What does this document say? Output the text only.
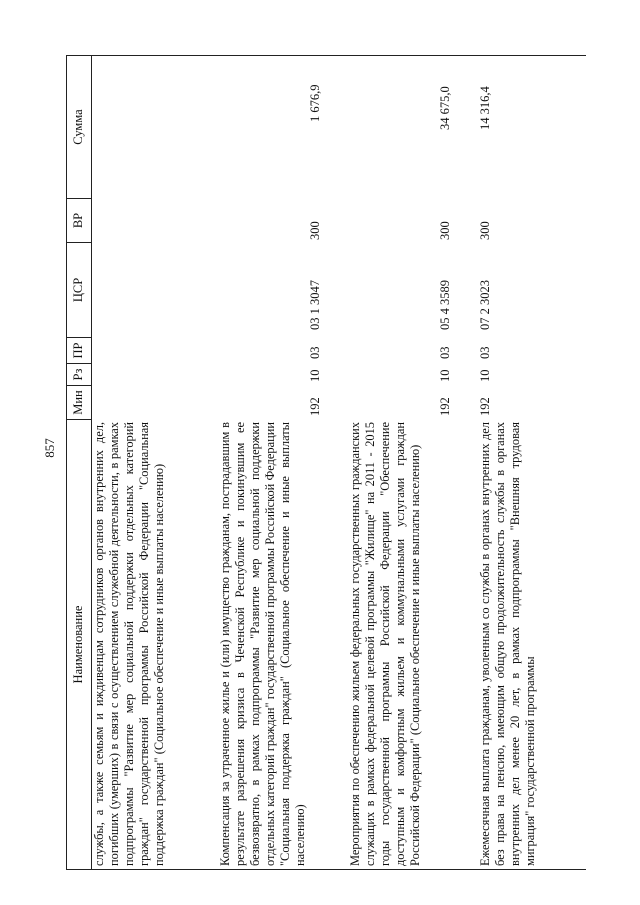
857
Наименование
Мин
Рз
ПР
ЦСР
ВР
Сумма
службы, а также семьям и иждивенцам сотрудников органов внутренних дел, погибших (умерших) в связи с осуществлением служебной деятельности, в рамках подпрограммы "Развитие мер социальной поддержки отдельных категорий граждан" государственной программы Российской Федерации "Социальная поддержка граждан" (Социальное обеспечение и иные выплаты населению)	Компенсация за утраченное жилье и (или) имущество гражданам, пострадавшим в результате разрешения кризиса в Чеченской Республике и покинувшим ее безвозвратно, в рамках подпрограммы "Развитие мер социальной поддержки отдельных категорий граждан" государственной программы Российской Федерации "Социальная поддержка граждан" (Социальное обеспечение и иные выплаты населению)
192
10
03
03 1 3047
300
1 676,9
Мероприятия по обеспечению жильем федеральных государственных гражданских служащих в рамках федеральной целевой программы "Жилище" на 2011 - 2015 годы государственной программы Российской Федерации "Обеспечение доступным и комфортным жильем и коммунальными услугами граждан Российской Федерации" (Социальное обеспечение и иные выплаты населению)
192
10
03
05 4 3589
300
34 675,0
Ежемесячная выплата гражданам, уволенным со службы в органах внутренних дел без права на пенсию, имеющим общую продолжительность службы в органах внутренних дел менее 20 лет, в рамках подпрограммы "Внешняя трудовая миграция" государственной программы
192
10
03
07 2 3023
300
14 316,4
